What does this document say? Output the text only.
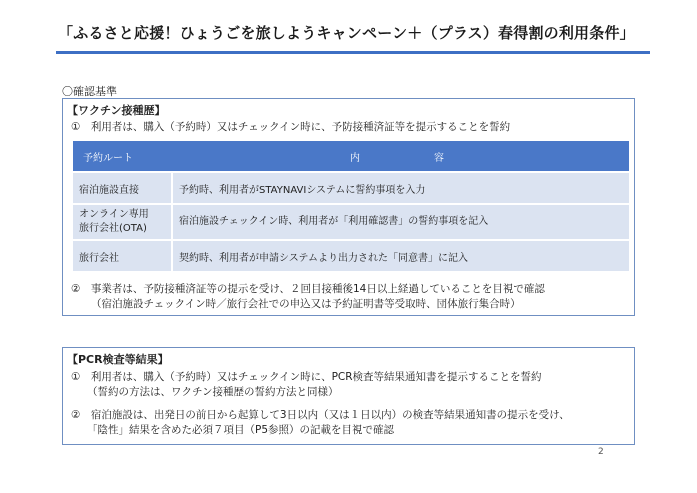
「ふるさと応援！ひょうごを旅しようキャンペーン＋（プラス）春得割の利用条件」
〇確認基準
【ワクチン接種歴】
①　利用者は、購入（予約時）又はチェックイン時に、予防接種済証等を提示することを誓約
予約ルート	内　　容
宿泊施設直接	予約時、利用者がSTAYNAVIシステムに誓約事項を入力
オンライン専用
旅行会社(OTA)	宿泊施設チェックイン時、利用者が「利用確認書」の誓約事項を記入
旅行会社	契約時、利用者が申請システムより出力された「同意書」に記入
②　事業者は、予防接種済証等の提示を受け、２回目接種後14日以上経過していることを目視で確認
（宿泊施設チェックイン時／旅行会社での申込又は予約証明書等受取時、団体旅行集合時）
【PCR検査等結果】
①　利用者は、購入（予約時）又はチェックイン時に、PCR検査等結果通知書を提示することを誓約
（誓約の方法は、ワクチン接種歴の誓約方法と同様）
②　宿泊施設は、出発日の前日から起算して3日以内（又は１日以内）の検査等結果通知書の提示を受け、
「陰性」結果を含めた必須７項目（P5参照）の記載を目視で確認
2
